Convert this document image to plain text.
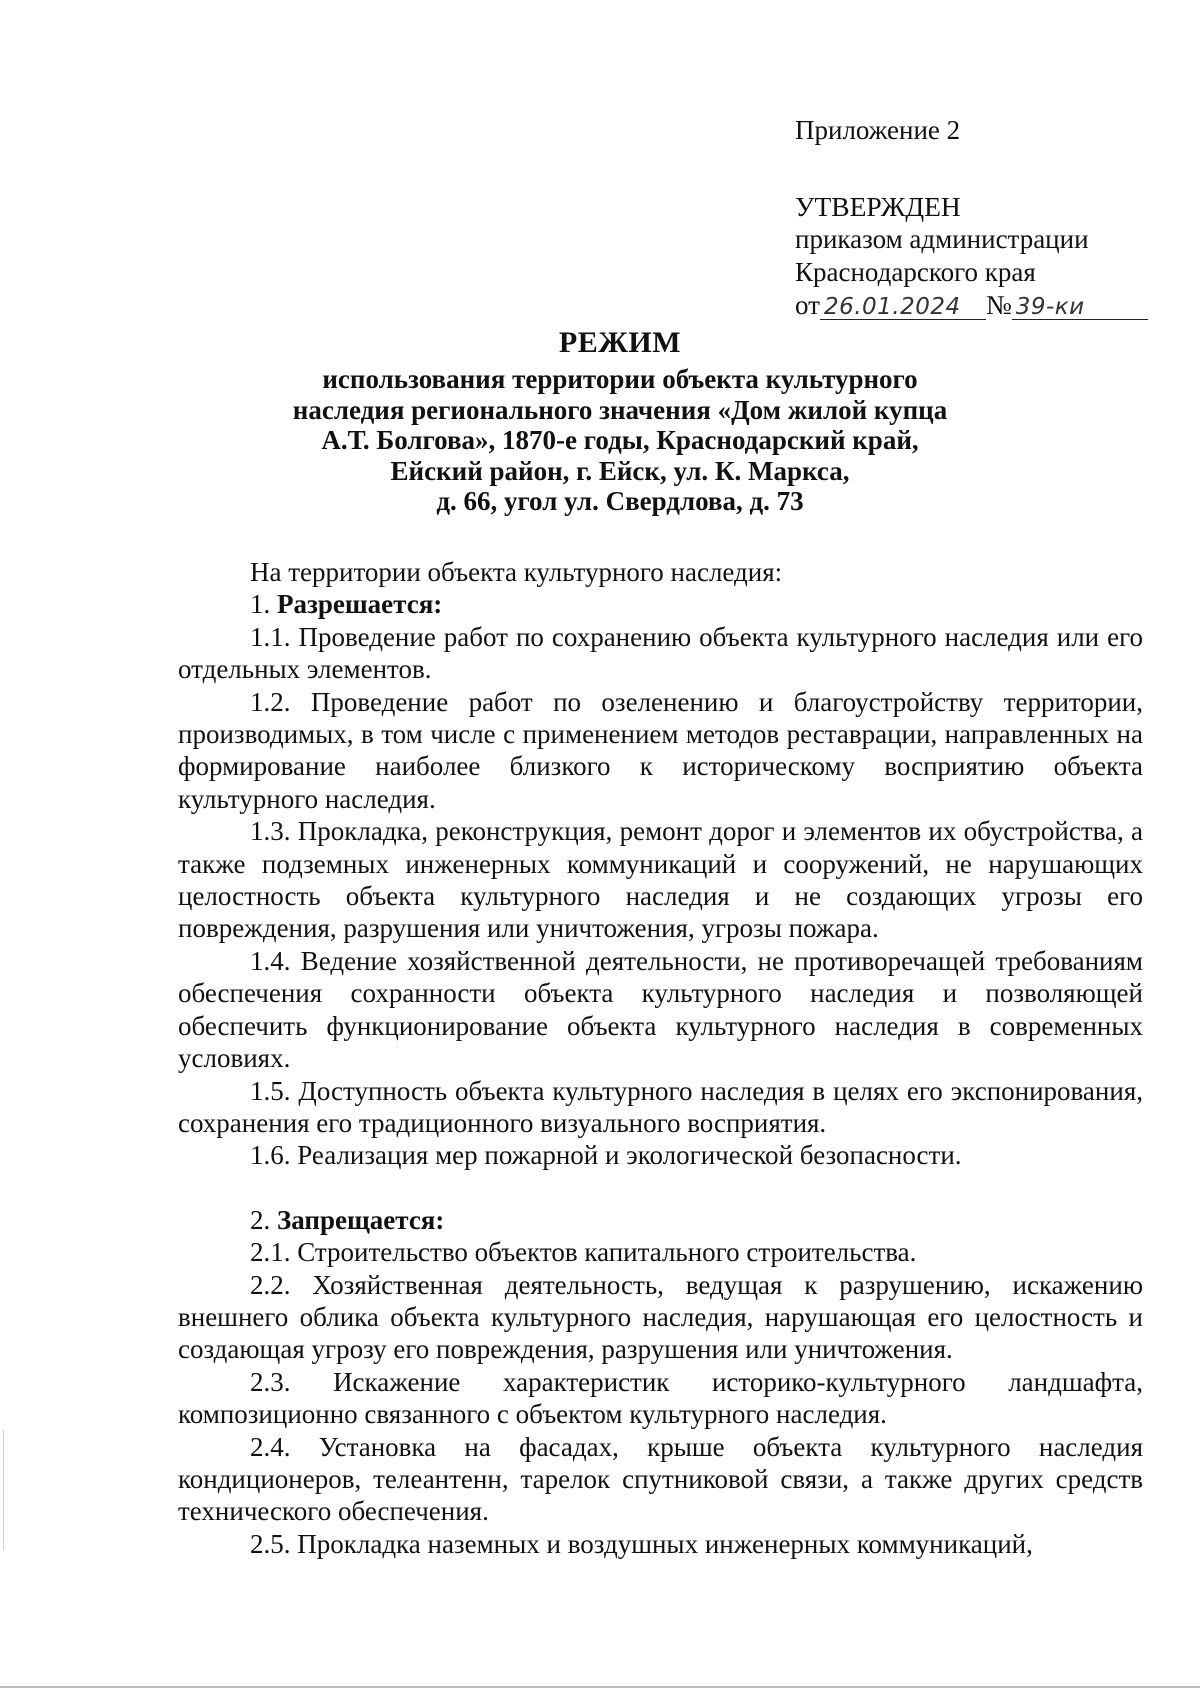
Приложение 2
УТВЕРЖДЕН
приказом администрации
Краснодарского края
от 26.01.2024 № 39-ки
РЕЖИМ
использования территории объекта культурного
наследия регионального значения «Дом жилой купца
А.Т. Болгова», 1870-е годы, Краснодарский край,
Ейский район, г. Ейск, ул. К. Маркса,
д. 66, угол ул. Свердлова, д. 73

На территории объекта культурного наследия:

1. Разрешается:

1.1. Проведение работ по сохранению объекта культурного наследия или его отдельных элементов.

1.2. Проведение работ по озеленению и благоустройству территории, производимых, в том числе с применением методов реставрации, направленных на формирование наиболее близкого к историческому восприятию объекта культурного наследия.

1.3. Прокладка, реконструкция, ремонт дорог и элементов их обустройства, а также подземных инженерных коммуникаций и сооружений, не нарушающих целостность объекта культурного наследия и не создающих угрозы его повреждения, разрушения или уничтожения, угрозы пожара.

1.4. Ведение хозяйственной деятельности, не противоречащей требованиям обеспечения сохранности объекта культурного наследия и позволяющей обеспечить функционирование объекта культурного наследия в современных условиях.

1.5. Доступность объекта культурного наследия в целях его экспонирования, сохранения его традиционного визуального восприятия.

1.6. Реализация мер пожарной и экологической безопасности.

2. Запрещается:

2.1. Строительство объектов капитального строительства.

2.2. Хозяйственная деятельность, ведущая к разрушению, искажению внешнего облика объекта культурного наследия, нарушающая его целостность и создающая угрозу его повреждения, разрушения или уничтожения.

2.3. Искажение характеристик историко-культурного ландшафта, композиционно связанного с объектом культурного наследия.

2.4. Установка на фасадах, крыше объекта культурного наследия кондиционеров, телеантенн, тарелок спутниковой связи, а также других средств технического обеспечения.

2.5. Прокладка наземных и воздушных инженерных коммуникаций,
